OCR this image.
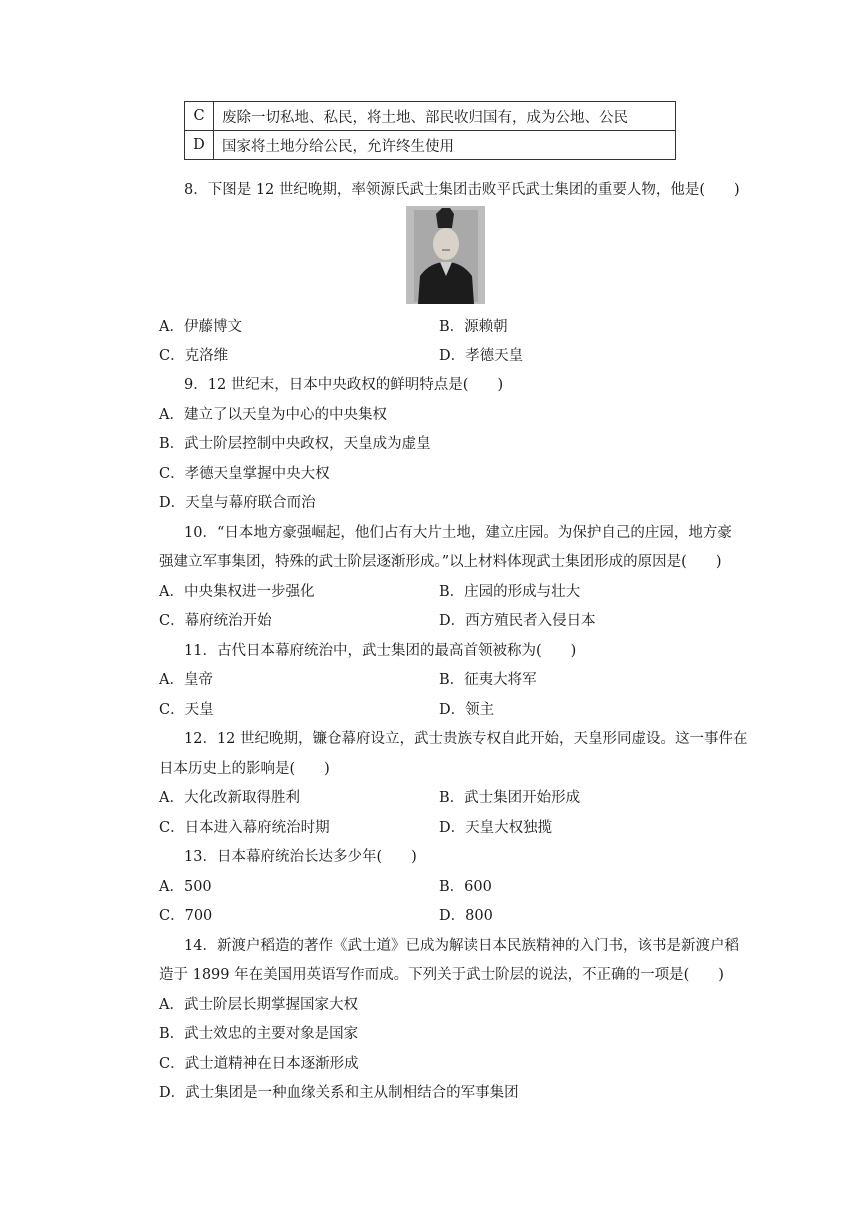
C	废除一切私地、私民，将土地、部民收归国有，成为公地、公民
D	国家将土地分给公民，允许终生使用
8．下图是 12 世纪晚期，率领源氏武士集团击败平氏武士集团的重要人物，他是(　　)
A．伊藤博文	B．源赖朝
C．克洛维	D．孝德天皇
9．12 世纪末，日本中央政权的鲜明特点是(　　)
A．建立了以天皇为中心的中央集权
B．武士阶层控制中央政权，天皇成为虚皇
C．孝德天皇掌握中央大权
D．天皇与幕府联合而治
10．“日本地方豪强崛起，他们占有大片土地，建立庄园。为保护自己的庄园，地方豪
强建立军事集团，特殊的武士阶层逐渐形成。”以上材料体现武士集团形成的原因是(　　)
A．中央集权进一步强化	B．庄园的形成与壮大
C．幕府统治开始	D．西方殖民者入侵日本
11．古代日本幕府统治中，武士集团的最高首领被称为(　　)
A．皇帝	B．征夷大将军
C．天皇	D．领主
12．12 世纪晚期，镰仓幕府设立，武士贵族专权自此开始，天皇形同虚设。这一事件在
日本历史上的影响是(　　)
A．大化改新取得胜利	B．武士集团开始形成
C．日本进入幕府统治时期	D．天皇大权独揽
13．日本幕府统治长达多少年(　　)
A．500	B．600
C．700	D．800
14．新渡户稻造的著作《武士道》已成为解读日本民族精神的入门书，该书是新渡户稻
造于 1899 年在美国用英语写作而成。下列关于武士阶层的说法，不正确的一项是(　　)
A．武士阶层长期掌握国家大权
B．武士效忠的主要对象是国家
C．武士道精神在日本逐渐形成
D．武士集团是一种血缘关系和主从制相结合的军事集团
